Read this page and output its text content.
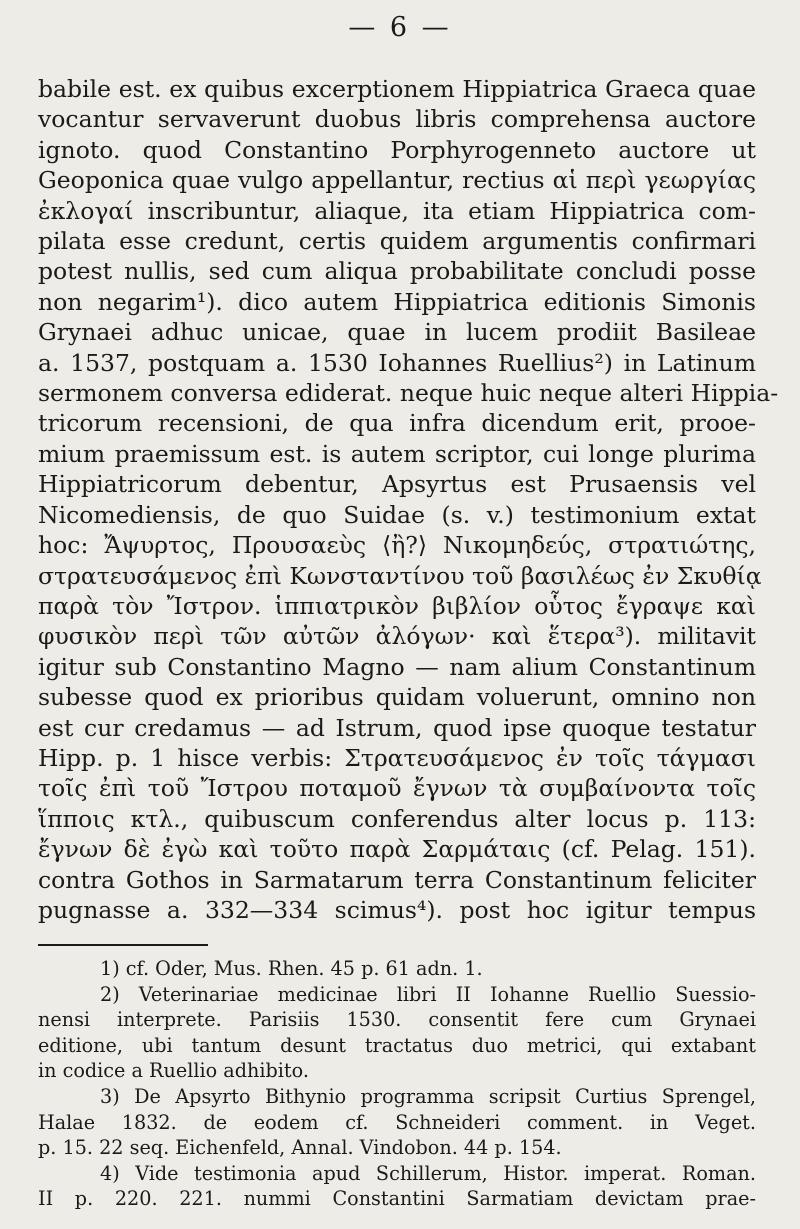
— 6 —
babile est. ex quibus excerptionem Hippiatrica Graeca quae
vocantur servaverunt duobus libris comprehensa auctore
ignoto. quod Constantino Porphyrogenneto auctore ut
Geoponica quae vulgo appellantur, rectius αἱ περὶ γεωργίας
ἐκλογαί inscribuntur, aliaque, ita etiam Hippiatrica com-
pilata esse credunt, certis quidem argumentis confirmari
potest nullis, sed cum aliqua probabilitate concludi posse
non negarim¹). dico autem Hippiatrica editionis Simonis
Grynaei adhuc unicae, quae in lucem prodiit Basileae
a. 1537, postquam a. 1530 Iohannes Ruellius²) in Latinum
sermonem conversa ediderat. neque huic neque alteri Hippia-
tricorum recensioni, de qua infra dicendum erit, prooe-
mium praemissum est. is autem scriptor, cui longe plurima
Hippiatricorum debentur, Apsyrtus est Prusaensis vel
Nicomediensis, de quo Suidae (s. v.) testimonium extat
hoc: Ἄψυρτος, Προυσαεὺς ⟨ἢ?⟩ Νικομηδεύς, στρατιώτης,
στρατευσάμενος ἐπὶ Κωνσταντίνου τοῦ βασιλέως ἐν Σκυθίᾳ
παρὰ τὸν Ἴστρον. ἱππιατρικὸν βιβλίον οὗτος ἔγραψε καὶ
φυσικὸν περὶ τῶν αὐτῶν ἀλόγων· καὶ ἕτερα³). militavit
igitur sub Constantino Magno — nam alium Constantinum
subesse quod ex prioribus quidam voluerunt, omnino non
est cur credamus — ad Istrum, quod ipse quoque testatur
Hipp. p. 1 hisce verbis: Στρατευσάμενος ἐν τοῖς τάγμασι
τοῖς ἐπὶ τοῦ Ἴστρου ποταμοῦ ἔγνων τὰ συμβαίνοντα τοῖς
ἵπποις κτλ., quibuscum conferendus alter locus p. 113:
ἔγνων δὲ ἐγὼ καὶ τοῦτο παρὰ Σαρμάταις (cf. Pelag. 151).
contra Gothos in Sarmatarum terra Constantinum feliciter
pugnasse a. 332—334 scimus⁴). post hoc igitur tempus
1) cf. Oder, Mus. Rhen. 45 p. 61 adn. 1.
2) Veterinariae medicinae libri II Iohanne Ruellio Suessio-
nensi interprete. Parisiis 1530. consentit fere cum Grynaei
editione, ubi tantum desunt tractatus duo metrici, qui extabant
in codice a Ruellio adhibito.
3) De Apsyrto Bithynio programma scripsit Curtius Sprengel,
Halae 1832. de eodem cf. Schneideri comment. in Veget.
p. 15. 22 seq. Eichenfeld, Annal. Vindobon. 44 p. 154.
4) Vide testimonia apud Schillerum, Histor. imperat. Roman.
II p. 220. 221. nummi Constantini Sarmatiam devictam prae-
